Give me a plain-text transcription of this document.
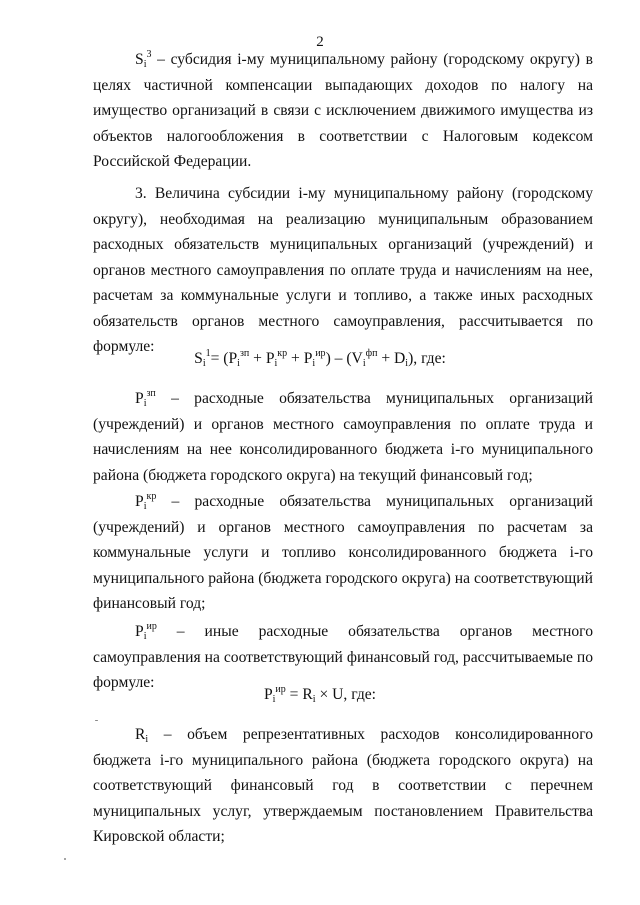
2

$S_i^3$ – субсидия i-му муниципальному району (городскому округу) в целях частичной компенсации выпадающих доходов по налогу на имущество организаций в связи с исключением движимого имущества из объектов налогообложения в соответствии с Налоговым кодексом Российской Федерации.

3. Величина субсидии i-му муниципальному району (городскому округу), необходимая на реализацию муниципальным образованием расходных обязательств муниципальных организаций (учреждений) и органов местного самоуправления по оплате труда и начислениям на нее, расчетам за коммунальные услуги и топливо, а также иных расходных обязательств органов местного самоуправления, рассчитывается по формуле:

$S_i^1= (P_i^{зп} + P_i^{кр} + P_i^{ир}) - (V_i^{фп} + D_i)$, где:

$P_i^{зп}$ – расходные обязательства муниципальных организаций (учреждений) и органов местного самоуправления по оплате труда и начислениям на нее консолидированного бюджета i-го муниципального района (бюджета городского округа) на текущий финансовый год;

$P_i^{кр}$ – расходные обязательства муниципальных организаций (учреждений) и органов местного самоуправления по расчетам за коммунальные услуги и топливо консолидированного бюджета i-го муниципального района (бюджета городского округа) на соответствующий финансовый год;

$P_i^{ир}$ – иные расходные обязательства органов местного самоуправления на соответствующий финансовый год, рассчитываемые по формуле:

$P_i^{ир} = R_i \times U$, где:

$R_i$ – объем репрезентативных расходов консолидированного бюджета i-го муниципального района (бюджета городского округа) на соответствующий финансовый год в соответствии с перечнем муниципальных услуг, утверждаемым постановлением Правительства Кировской области;
